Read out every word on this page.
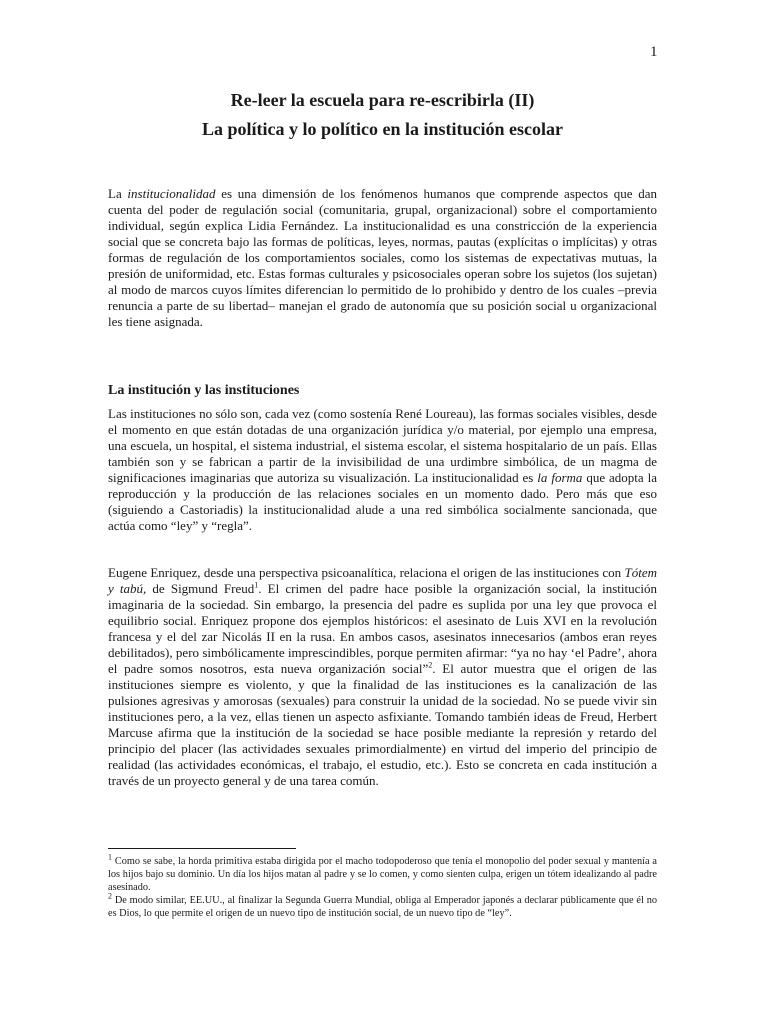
1
Re-leer la escuela para re-escribirla (II)
La política y lo político en la institución escolar

La institucionalidad es una dimensión de los fenómenos humanos que comprende aspectos que dan cuenta del poder de regulación social (comunitaria, grupal, organizacional) sobre el comportamiento individual, según explica Lidia Fernández. La institucionalidad es una constricción de la experiencia social que se concreta bajo las formas de políticas, leyes, normas, pautas (explícitas o implícitas) y otras formas de regulación de los comportamientos sociales, como los sistemas de expectativas mutuas, la presión de uniformidad, etc. Estas formas culturales y psicosociales operan sobre los sujetos (los sujetan) al modo de marcos cuyos límites diferencian lo permitido de lo prohibido y dentro de los cuales –previa renuncia a parte de su libertad– manejan el grado de autonomía que su posición social u organizacional les tiene asignada.

La institución y las instituciones

Las instituciones no sólo son, cada vez (como sostenía René Loureau), las formas sociales visibles, desde el momento en que están dotadas de una organización jurídica y/o material, por ejemplo una empresa, una escuela, un hospital, el sistema industrial, el sistema escolar, el sistema hospitalario de un país. Ellas también son y se fabrican a partir de la invisibilidad de una urdimbre simbólica, de un magma de significaciones imaginarias que autoriza su visualización. La institucionalidad es la forma que adopta la reproducción y la producción de las relaciones sociales en un momento dado. Pero más que eso (siguiendo a Castoriadis) la institucionalidad alude a una red simbólica socialmente sancionada, que actúa como “ley” y “regla”.

Eugene Enriquez, desde una perspectiva psicoanalítica, relaciona el origen de las instituciones con Tótem y tabú, de Sigmund Freud$^1$. El crimen del padre hace posible la organización social, la institución imaginaria de la sociedad. Sin embargo, la presencia del padre es suplida por una ley que provoca el equilibrio social. Enriquez propone dos ejemplos históricos: el asesinato de Luis XVI en la revolución francesa y el del zar Nicolás II en la rusa. En ambos casos, asesinatos innecesarios (ambos eran reyes debilitados), pero simbólicamente imprescindibles, porque permiten afirmar: “ya no hay ‘el Padre’, ahora el padre somos nosotros, esta nueva organización social”$^2$. El autor muestra que el origen de las instituciones siempre es violento, y que la finalidad de las instituciones es la canalización de las pulsiones agresivas y amorosas (sexuales) para construir la unidad de la sociedad. No se puede vivir sin instituciones pero, a la vez, ellas tienen un aspecto asfixiante. Tomando también ideas de Freud, Herbert Marcuse afirma que la institución de la sociedad se hace posible mediante la represión y retardo del principio del placer (las actividades sexuales primordialmente) en virtud del imperio del principio de realidad (las actividades económicas, el trabajo, el estudio, etc.). Esto se concreta en cada institución a través de un proyecto general y de una tarea común.

$^1$ Como se sabe, la horda primitiva estaba dirigida por el macho todopoderoso que tenía el monopolio del poder sexual y mantenía a los hijos bajo su dominio. Un día los hijos matan al padre y se lo comen, y como sienten culpa, erigen un tótem idealizando al padre asesinado.

$^2$ De modo similar, EE.UU., al finalizar la Segunda Guerra Mundial, obliga al Emperador japonés a declarar públicamente que él no es Dios, lo que permite el origen de un nuevo tipo de institución social, de un nuevo tipo de “ley”.
